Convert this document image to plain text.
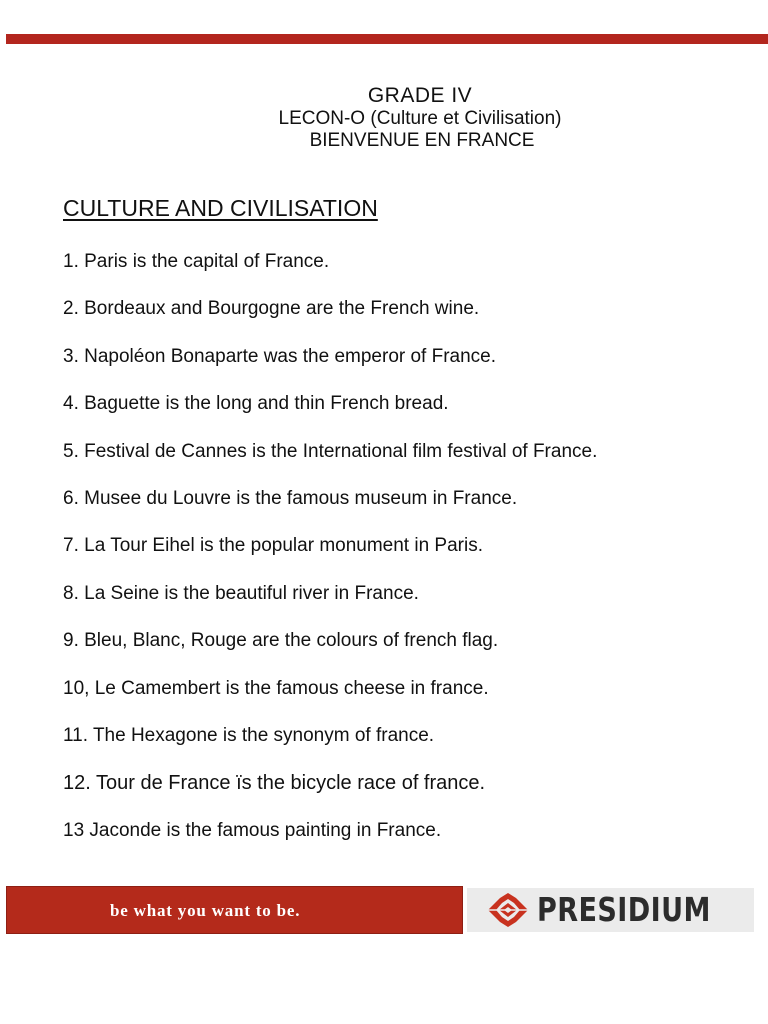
GRADE IV
LECON-O (Culture et Civilisation)
BIENVENUE EN FRANCE
CULTURE AND CIVILISATION
1. Paris is the capital of France.
2. Bordeaux and Bourgogne are the French wine.
3. Napoléon Bonaparte was the emperor of France.
4. Baguette is the long and thin French bread.
5. Festival de Cannes is the International film festival of France.
6. Musee du Louvre is the famous museum in France.
7. La Tour Eihel is the popular monument in Paris.
8. La Seine is the beautiful river in France.
9. Bleu, Blanc, Rouge are the colours of french flag.
10, Le Camembert is the famous cheese in france.
11. The Hexagone is the synonym of france.
12. Tour de France ïs the bicycle race of france.
13 Jaconde is the famous painting in France.
be what you want to be.	PRESIDIUM
